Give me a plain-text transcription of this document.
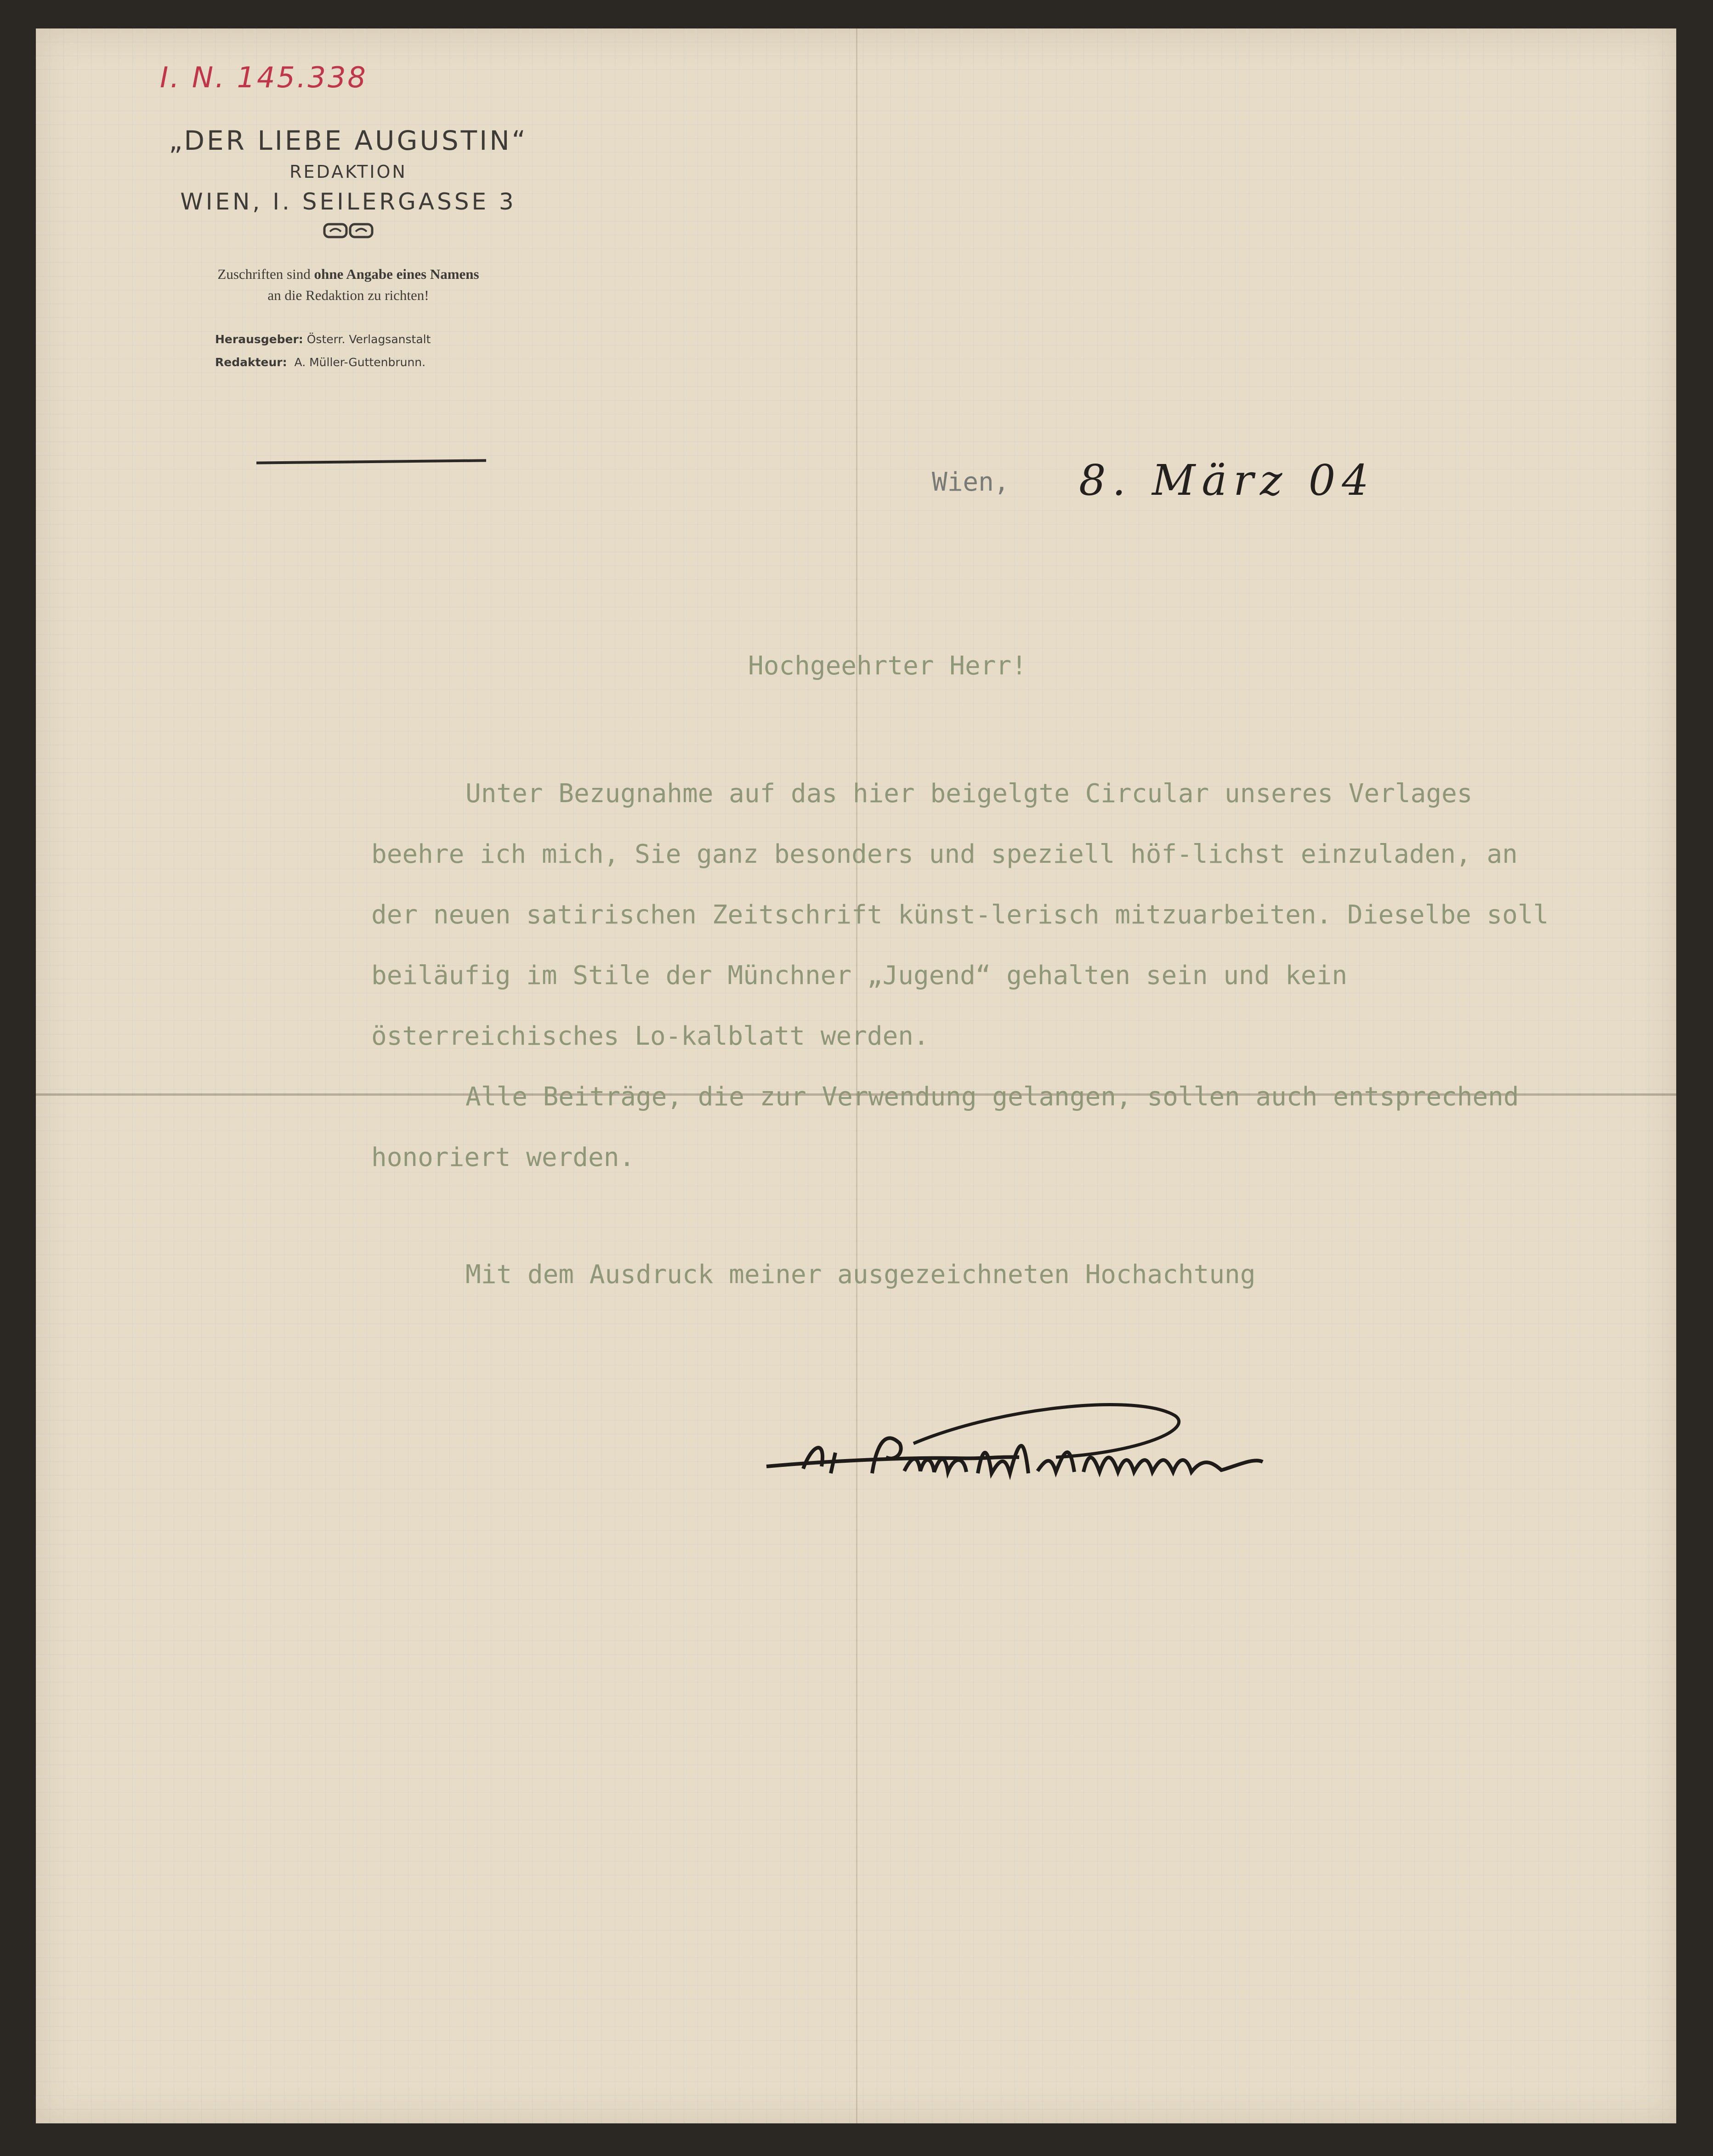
I. N. 145.338
„DER LIEBE AUGUSTIN“
REDAKTION
WIEN, I. SEILERGASSE 3
Zuschriften sind ohne Angabe eines Namens
an die Redaktion zu richten!
Herausgeber: Österr. Verlagsanstalt
Redakteur: A. Müller-Guttenbrunn.
Wien, 8. März 04
Hochgeehrter Herr!

Unter Bezugnahme auf das hier beigelgte Circular unseres Verlages beehre ich mich, Sie ganz besonders und speziell höf-lichst einzuladen, an der neuen satirischen Zeitschrift künst-lerisch mitzuarbeiten. Dieselbe soll beiläufig im Stile der Münchner „Jugend“ gehalten sein und kein österreichisches Lo-kalblatt werden.

Alle Beiträge, die zur Verwendung gelangen, sollen auch entsprechend honoriert werden.

Mit dem Ausdruck meiner ausgezeichneten Hochachtung
